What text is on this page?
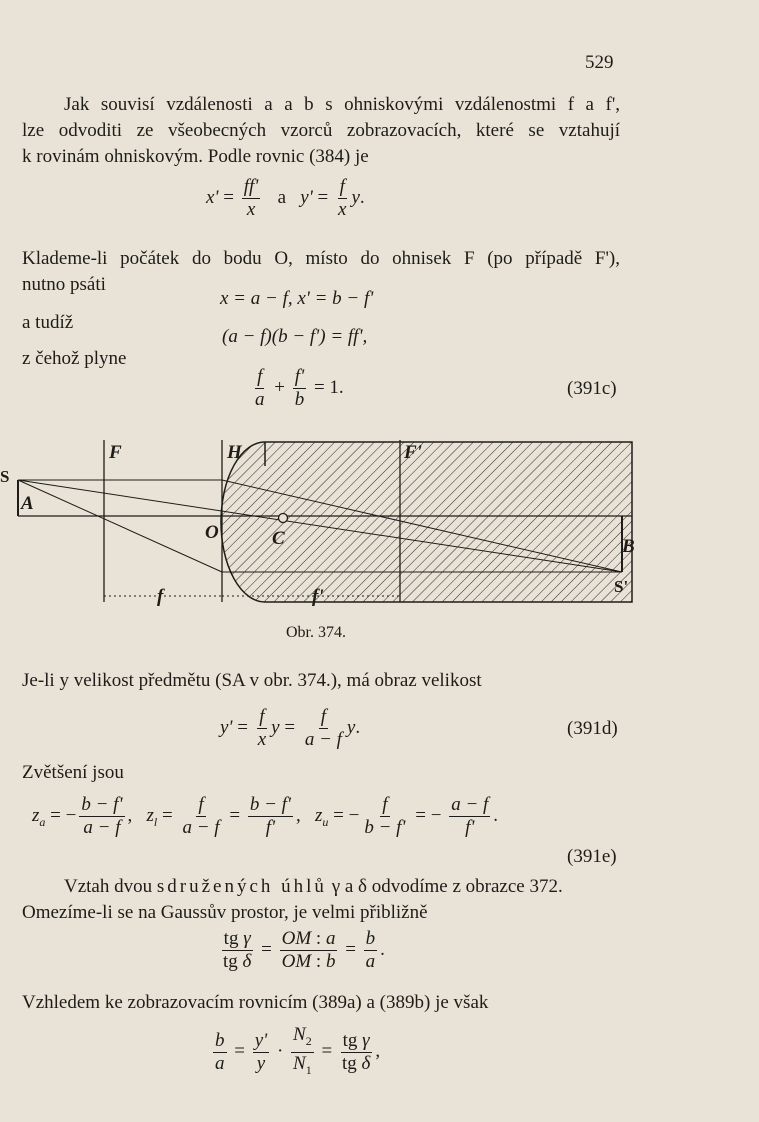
529
Jak souvisí vzdálenosti a a b s ohniskovými vzdálenostmi f a f',
lze odvoditi ze všeobecných vzorců zobrazovacích, které se vztahují
k rovinám ohniskovým. Podle rovnic (384) je
$x' = \frac{ff'}{x}$ a $y' = \frac{f}{x} y$.
Klademe-li počátek do bodu O, místo do ohnisek F (po případě F'),
nutno psáti
x = a − f, x' = b − f'
a tudíž
(a − f)(b − f') = ff',
z čehož plyne
$\frac{f}{a} + \frac{f'}{b} = 1$.	(391c)
S
A
F	H	F'
O	C	B
S'
f	f'
Obr. 374.
Je-li y velikost předmětu (SA v obr. 374.), má obraz velikost
$y' = \frac{f}{x}$ $y = \frac{f}{a - f} y$.	(391d)
Zvětšení jsou
$z_a$ = − $\frac{b - f'}{a - f}$ ,   $z_l = \frac{f}{a - f} = \frac{b - f'}{f'}$ ,   $z_u$ = − $\frac{f}{b - f'}$ = − $\frac{a - f}{f'}$ .
(391e)
Vztah dvou sdružených úhlů γ a δ odvodíme z obrazce 372.
Omezíme-li se na Gaussův prostor, je velmi přibližně
$\frac{\text{tg γ}}{\text{tg δ}} = \frac{OM : a}{OM : b} = \frac{b}{a}$ .
Vzhledem ke zobrazovacím rovnicím (389a) a (389b) je však
$\frac{b}{a} = \frac{y'}{y} \cdot \frac{N_2}{N_1} = \frac{\text{tg γ}}{\text{tg δ}}$ ,
